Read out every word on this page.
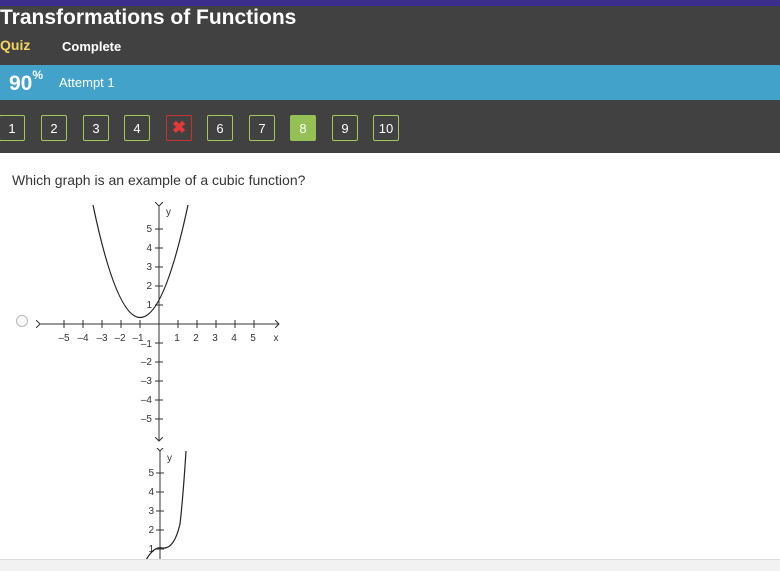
Transformations of Functions
Quiz Complete
90% Attempt 1
1	2	3	4 ✖ 6	7	8	9 10
Which graph is an example of a cubic function?
–5 –4 –3 –2 –1	1 2 3 4 5 x
5
4
3
2
1
–1
–2
–3
–4
–5
y
5
4
3
2
1
y
